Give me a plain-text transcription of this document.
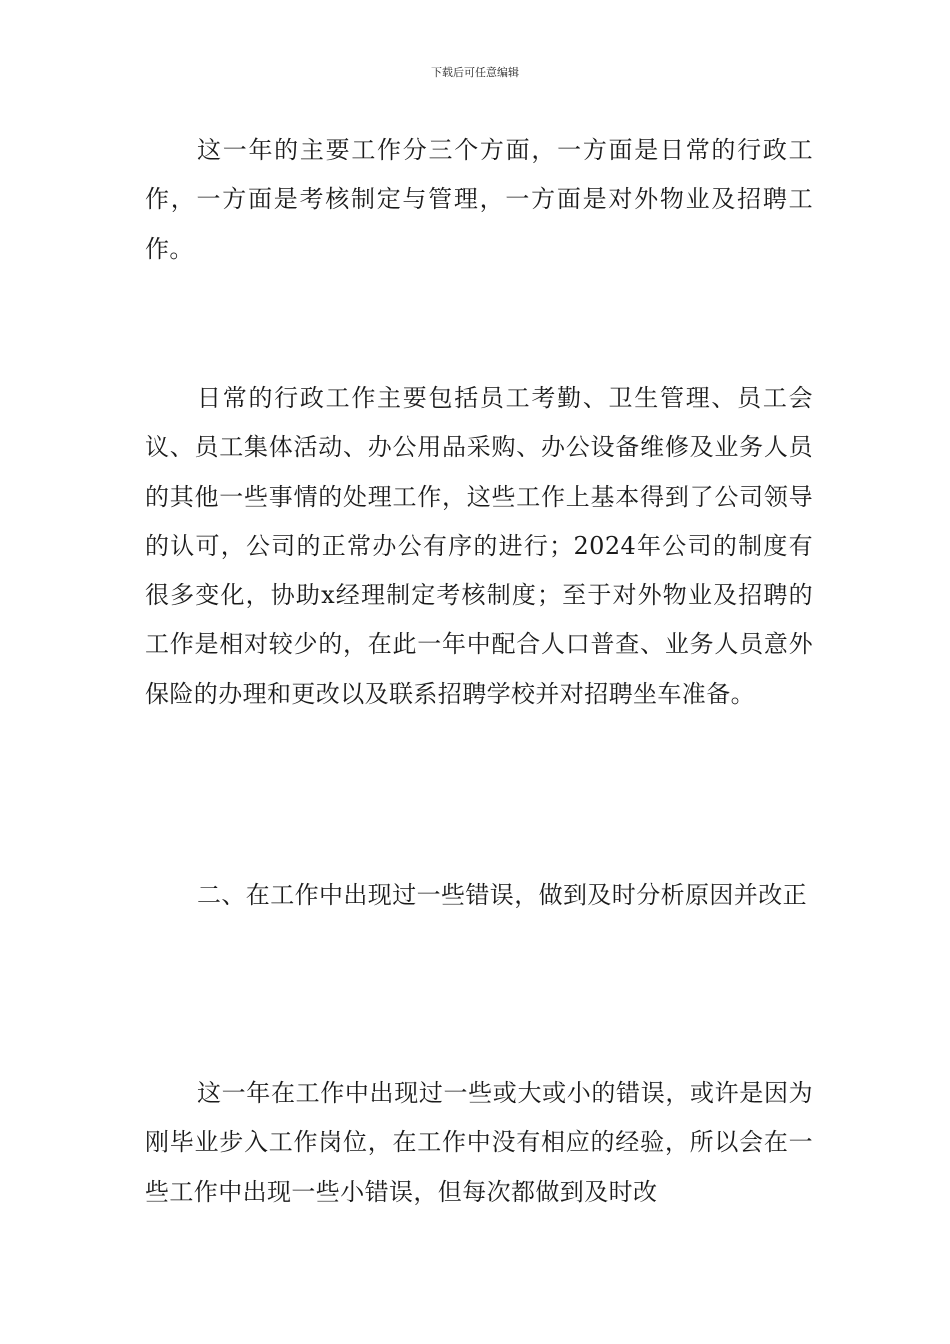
下载后可任意编辑

这一年的主要工作分三个方面，一方面是日常的行政工作，一方面是考核制定与管理，一方面是对外物业及招聘工作。

日常的行政工作主要包括员工考勤、卫生管理、员工会议、员工集体活动、办公用品采购、办公设备维修及业务人员的其他一些事情的处理工作，这些工作上基本得到了公司领导的认可，公司的正常办公有序的进行；2024年公司的制度有很多变化，协助x经理制定考核制度；至于对外物业及招聘的工作是相对较少的，在此一年中配合人口普查、业务人员意外保险的办理和更改以及联系招聘学校并对招聘坐车准备。

二、在工作中出现过一些错误，做到及时分析原因并改正

这一年在工作中出现过一些或大或小的错误，或许是因为刚毕业步入工作岗位，在工作中没有相应的经验，所以会在一些工作中出现一些小错误，但每次都做到及时改
